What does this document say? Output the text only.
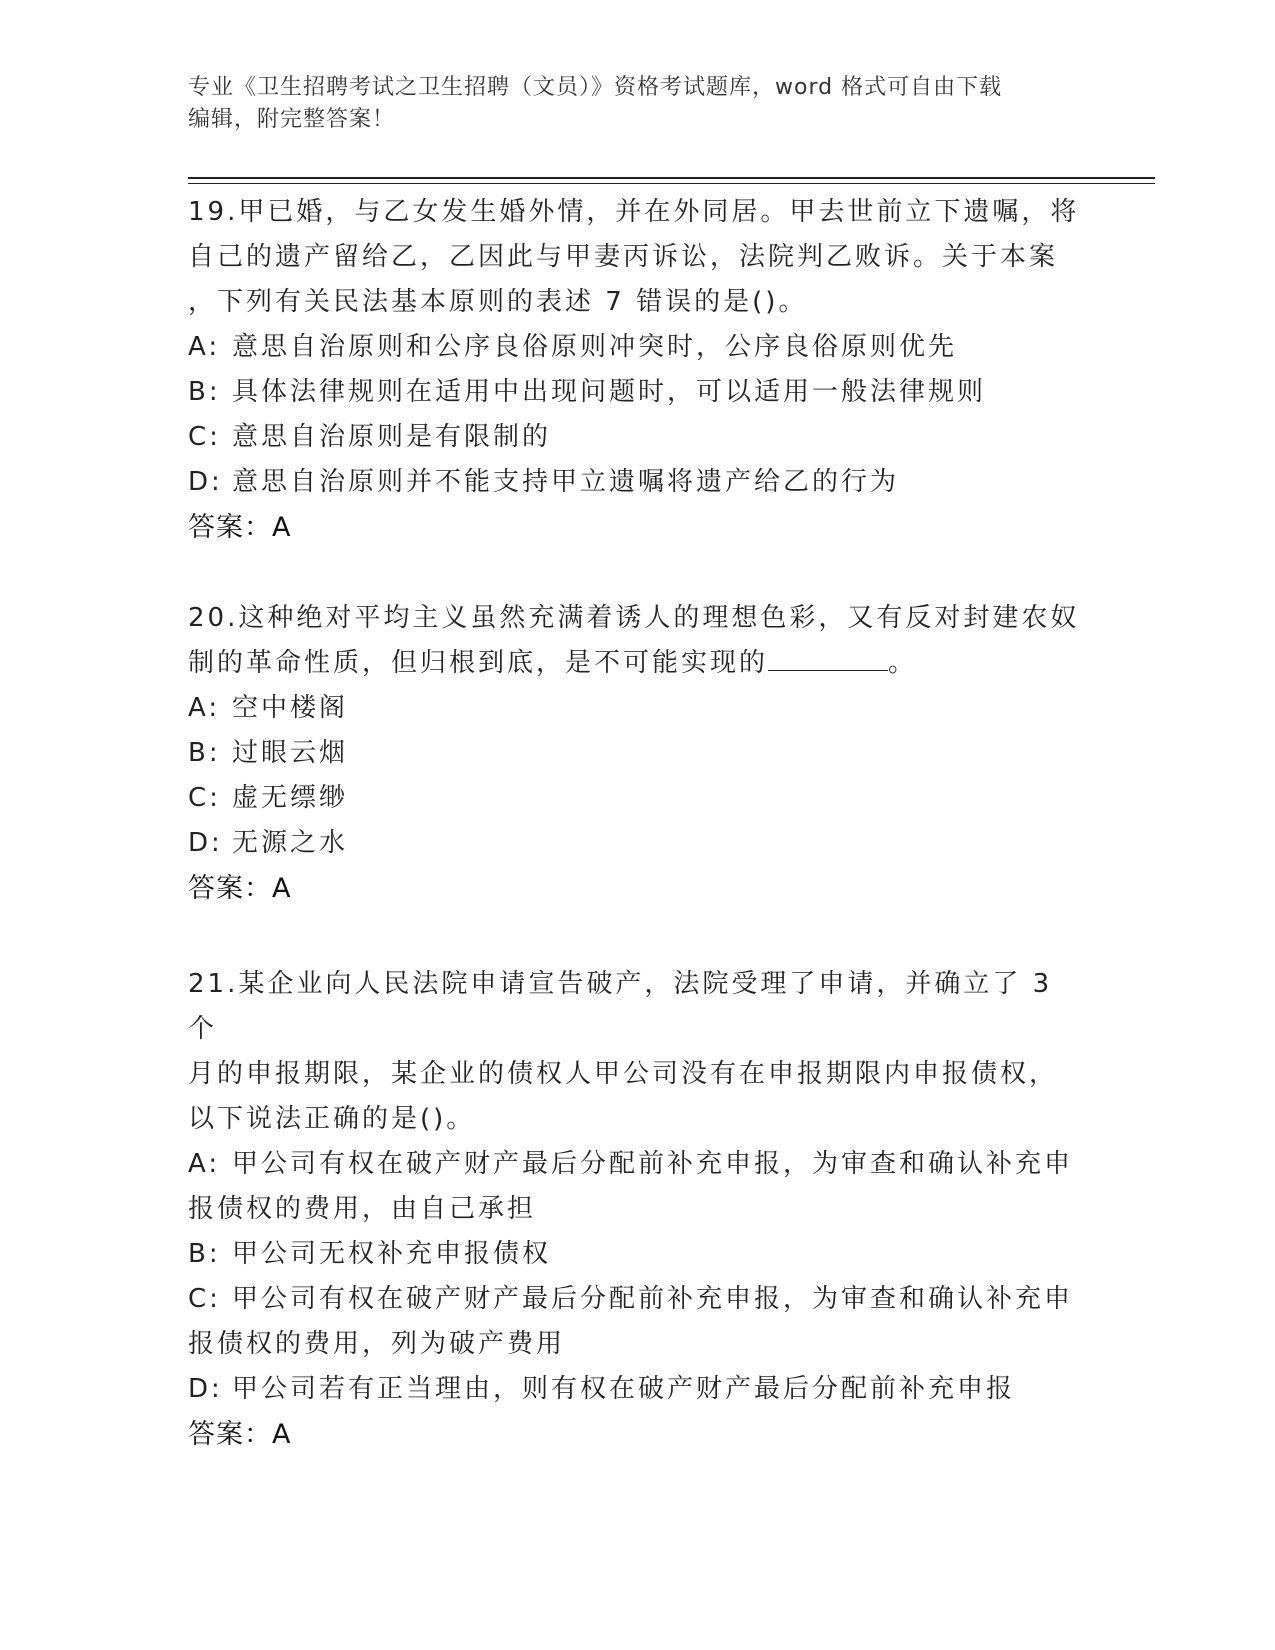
专业《卫生招聘考试之卫生招聘（文员）》资格考试题库，word 格式可自由下载
编辑，附完整答案！

19.甲已婚，与乙女发生婚外情，并在外同居。甲去世前立下遗嘱，将

自己的遗产留给乙，乙因此与甲妻丙诉讼，法院判乙败诉。关于本案

，下列有关民法基本原则的表述 7 错误的是()。

A: 意思自治原则和公序良俗原则冲突时，公序良俗原则优先

B: 具体法律规则在适用中出现问题时，可以适用一般法律规则

C: 意思自治原则是有限制的

D: 意思自治原则并不能支持甲立遗嘱将遗产给乙的行为

答案：A

20.这种绝对平均主义虽然充满着诱人的理想色彩，又有反对封建农奴

制的革命性质，但归根到底，是不可能实现的	。

A: 空中楼阁

B: 过眼云烟

C: 虚无缥缈

D: 无源之水

答案：A

21.某企业向人民法院申请宣告破产，法院受理了申请，并确立了 3 个

月的申报期限，某企业的债权人甲公司没有在申报期限内申报债权，

以下说法正确的是()。

A: 甲公司有权在破产财产最后分配前补充申报，为审查和确认补充申

报债权的费用，由自己承担

B: 甲公司无权补充申报债权

C: 甲公司有权在破产财产最后分配前补充申报，为审查和确认补充申

报债权的费用，列为破产费用

D: 甲公司若有正当理由，则有权在破产财产最后分配前补充申报

答案：A
